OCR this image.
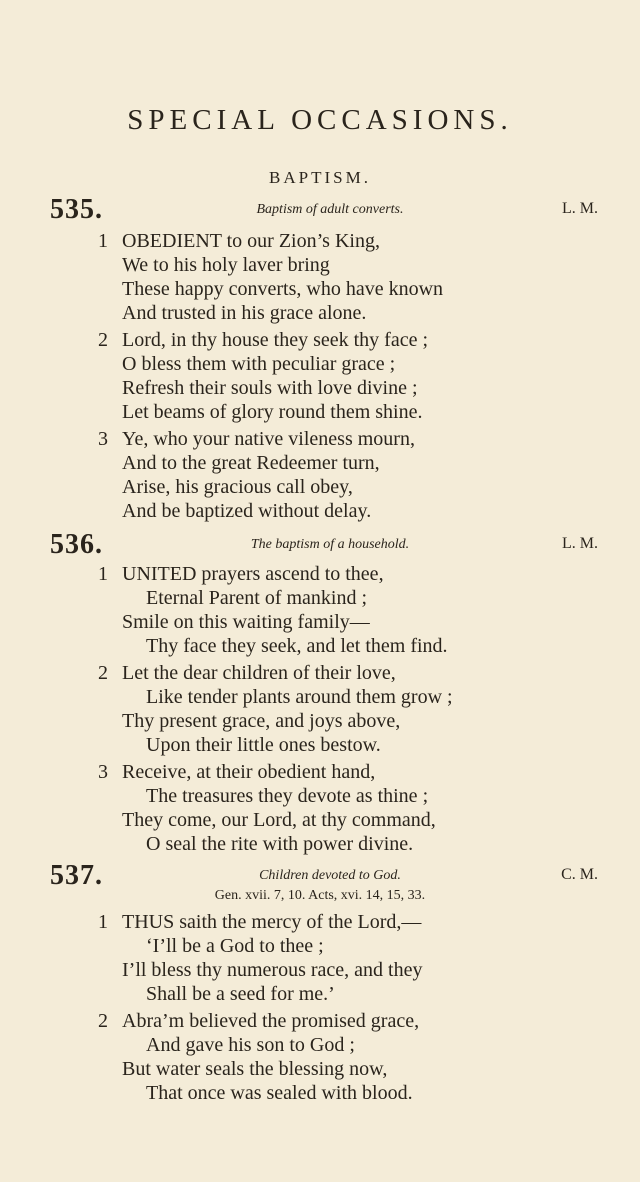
SPECIAL OCCASIONS.
BAPTISM.
535.	Baptism of adult converts.	L. M.
1 OBEDIENT to our Zion’s King,
We to his holy laver bring
These happy converts, who have known
And trusted in his grace alone.
2 Lord, in thy house they seek thy face ;
O bless them with peculiar grace ;
Refresh their souls with love divine ;
Let beams of glory round them shine.
3 Ye, who your native vileness mourn,
And to the great Redeemer turn,
Arise, his gracious call obey,
And be baptized without delay.
536.	The baptism of a household.	L. M.
1 UNITED prayers ascend to thee,
Eternal Parent of mankind ;
Smile on this waiting family—
Thy face they seek, and let them find.
2 Let the dear children of their love,
Like tender plants around them grow ;
Thy present grace, and joys above,
Upon their little ones bestow.
3 Receive, at their obedient hand,
The treasures they devote as thine ;
They come, our Lord, at thy command,
O seal the rite with power divine.
537.	Children devoted to God.	C. M.
Gen. xvii. 7, 10. Acts, xvi. 14, 15, 33.
1 THUS saith the mercy of the Lord,—
‘I’ll be a God to thee ;
I’ll bless thy numerous race, and they
Shall be a seed for me.’
2 Abra’m believed the promised grace,
And gave his son to God ;
But water seals the blessing now,
That once was sealed with blood.
